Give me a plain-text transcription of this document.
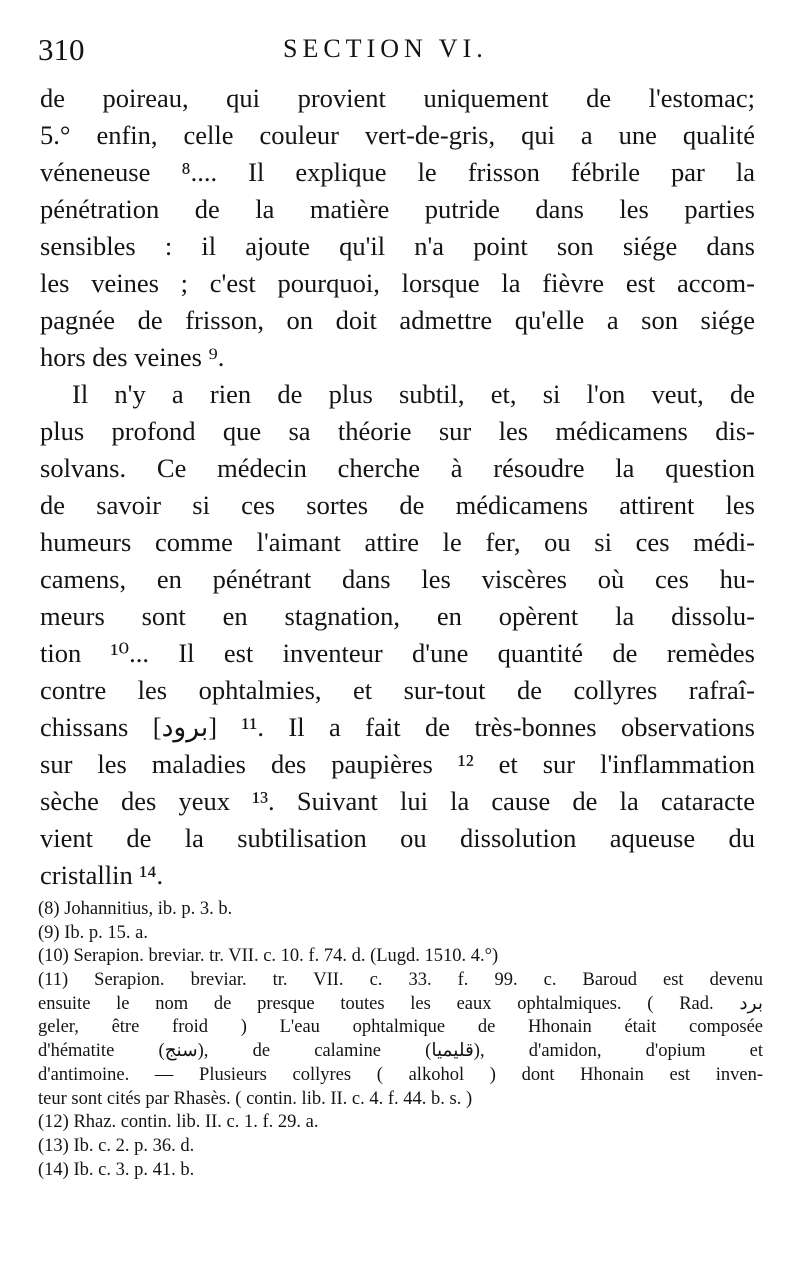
310	SECTION VI.
de poireau, qui provient uniquement de l'estomac;
5.° enfin, celle couleur vert-de-gris, qui a une qualité
véneneuse ⁸.... Il explique le frisson fébrile par la
pénétration de la matière putride dans les parties
sensibles : il ajoute qu'il n'a point son siége dans
les veines ; c'est pourquoi, lorsque la fièvre est accom-
pagnée de frisson, on doit admettre qu'elle a son siége
hors des veines ⁹.
Il n'y a rien de plus subtil, et, si l'on veut, de
plus profond que sa théorie sur les médicamens dis-
solvans. Ce médecin cherche à résoudre la question
de savoir si ces sortes de médicamens attirent les
humeurs comme l'aimant attire le fer, ou si ces médi-
camens, en pénétrant dans les viscères où ces hu-
meurs sont en stagnation, en opèrent la dissolu-
tion ¹⁰... Il est inventeur d'une quantité de remèdes
contre les ophtalmies, et sur-tout de collyres rafraî-
chissans [برود] ¹¹. Il a fait de très-bonnes observations
sur les maladies des paupières ¹² et sur l'inflammation
sèche des yeux ¹³. Suivant lui la cause de la cataracte
vient de la subtilisation ou dissolution aqueuse du
cristallin ¹⁴.
(8) Johannitius, ib. p. 3. b.
(9) Ib. p. 15. a.
(10) Serapion. breviar. tr. VII. c. 10. f. 74. d. (Lugd. 1510. 4.°)
(11) Serapion. breviar. tr. VII. c. 33. f. 99. c. Baroud est devenu
ensuite le nom de presque toutes les eaux ophtalmiques. ( Rad. برد
geler, être froid ) L'eau ophtalmique de Hhonain était composée
d'hématite (سنج), de calamine (قليميا), d'amidon, d'opium et
d'antimoine. — Plusieurs collyres ( alkohol ) dont Hhonain est inven-
teur sont cités par Rhasès. ( contin. lib. II. c. 4. f. 44. b. s. )
(12) Rhaz. contin. lib. II. c. 1. f. 29. a.
(13) Ib. c. 2. p. 36. d.
(14) Ib. c. 3. p. 41. b.
